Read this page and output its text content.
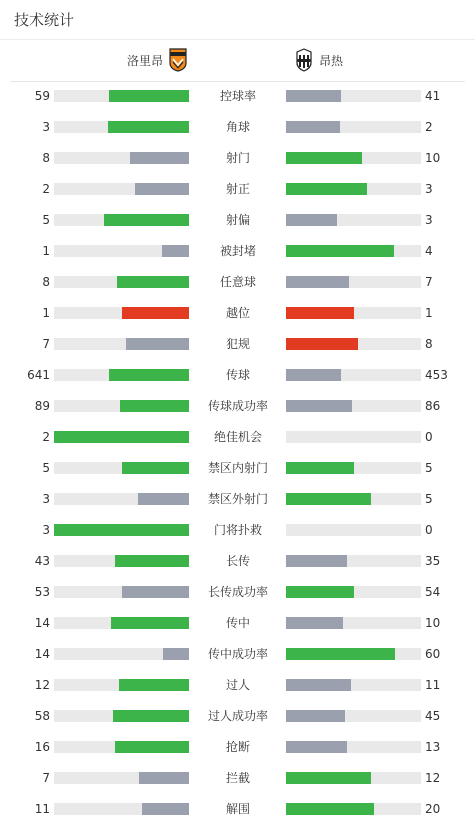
技术统计
洛里昂	昂热
59	控球率	41
3	角球	2
8	射门	10
2	射正	3
5	射偏	3
1	被封堵	4
8	任意球	7
1	越位	1
7	犯规	8
641	传球	453
89	传球成功率	86
2	绝佳机会	0
5	禁区内射门	5
3	禁区外射门	5
3	门将扑救	0
43	长传	35
53	长传成功率	54
14	传中	10
14	传中成功率	60
12	过人	11
58	过人成功率	45
16	抢断	13
7	拦截	12
11	解围	20
